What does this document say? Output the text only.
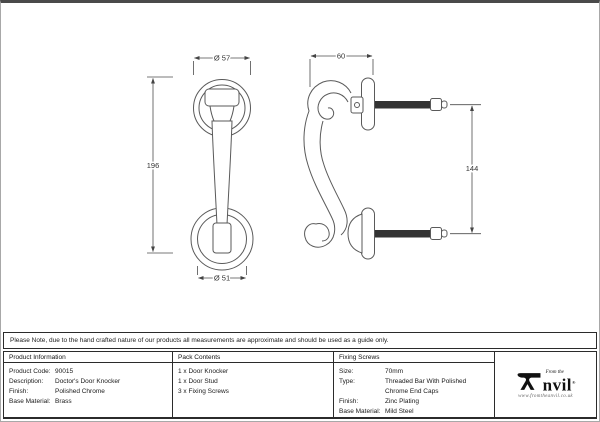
Ø 57
196
Ø 51
60
144
Please Note, due to the hand crafted nature of our products all measurements are approximate and should be used as a guide only.
Product Information
Product Code: 90015
Description:	Doctor's Door Knocker
Finish:	Polished Chrome
Base Material: Brass
Pack Contents
1 x Door Knocker
1 x Door Stud
3 x Fixing Screws
Fixing Screws
Size:	70mm
Type:	Threaded Bar With Polished Chrome End Caps
Finish:	Zinc Plating
Base Material: Mild Steel
From the
nvil®
www.fromtheanvil.co.uk
